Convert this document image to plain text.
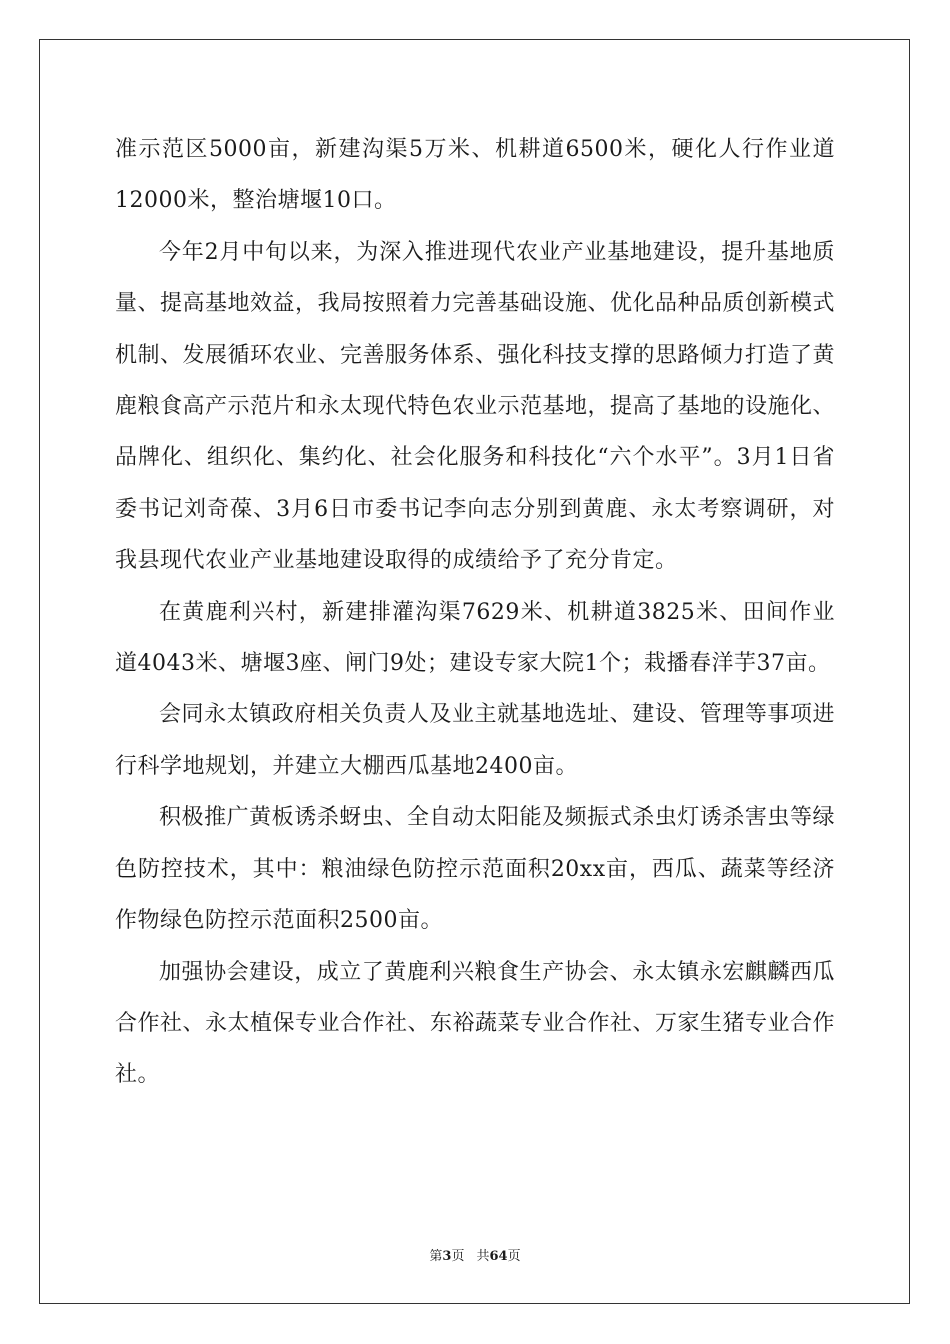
准示范区5000亩，新建沟渠5万米、机耕道6500米，硬化人行作业道12000米，整治塘堰10口。

今年2月中旬以来，为深入推进现代农业产业基地建设，提升基地质量、提高基地效益，我局按照着力完善基础设施、优化品种品质创新模式机制、发展循环农业、完善服务体系、强化科技支撑的思路倾力打造了黄鹿粮食高产示范片和永太现代特色农业示范基地，提高了基地的设施化、品牌化、组织化、集约化、社会化服务和科技化“六个水平”。3月1日省委书记刘奇葆、3月6日市委书记李向志分别到黄鹿、永太考察调研，对我县现代农业产业基地建设取得的成绩给予了充分肯定。

在黄鹿利兴村，新建排灌沟渠7629米、机耕道3825米、田间作业道4043米、塘堰3座、闸门9处；建设专家大院1个；栽播春洋芋37亩。

会同永太镇政府相关负责人及业主就基地选址、建设、管理等事项进行科学地规划，并建立大棚西瓜基地2400亩。

积极推广黄板诱杀蚜虫、全自动太阳能及频振式杀虫灯诱杀害虫等绿色防控技术，其中：粮油绿色防控示范面积20xx亩，西瓜、蔬菜等经济作物绿色防控示范面积2500亩。

加强协会建设，成立了黄鹿利兴粮食生产协会、永太镇永宏麒麟西瓜合作社、永太植保专业合作社、东裕蔬菜专业合作社、万家生猪专业合作社。

第3页 共64页
